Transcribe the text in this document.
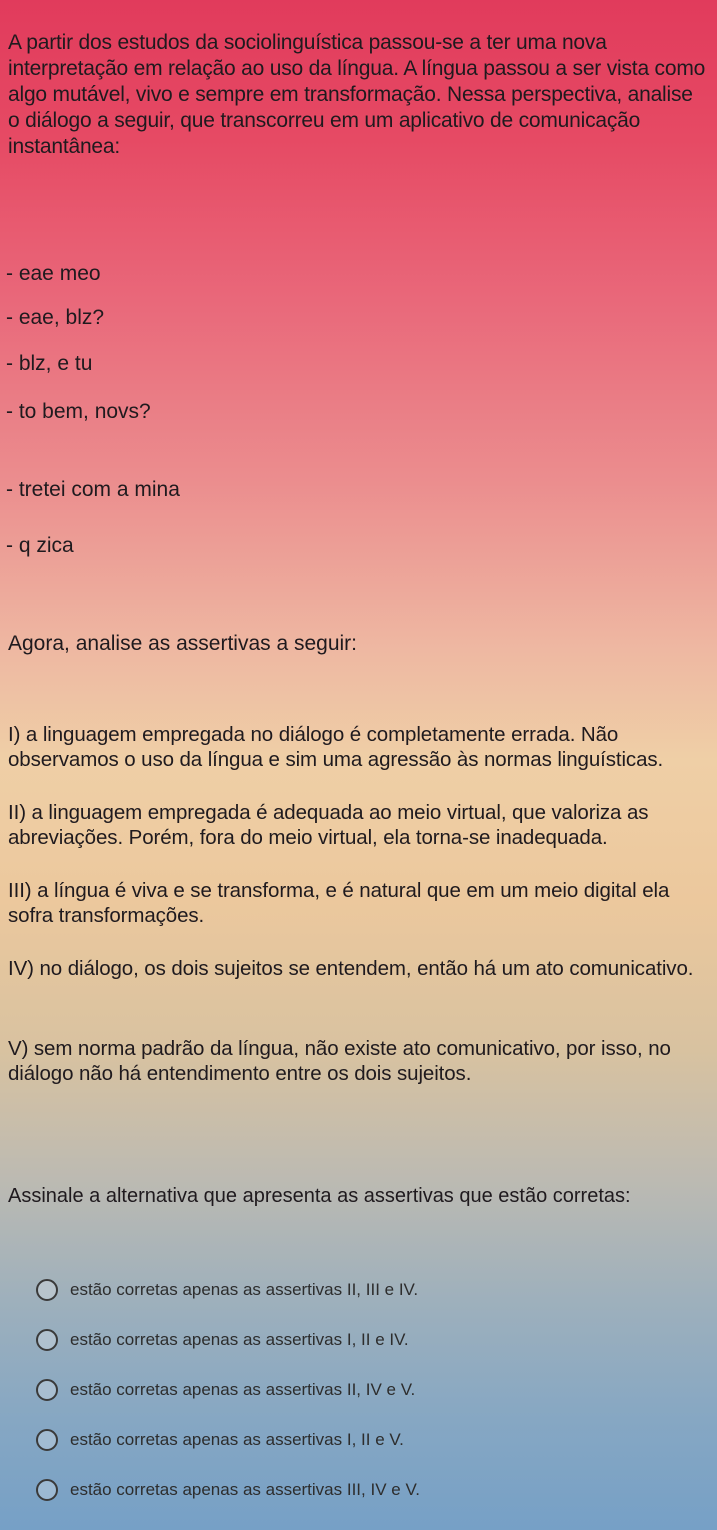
A partir dos estudos da sociolinguística passou-se a ter uma nova interpretação em relação ao uso da língua. A língua passou a ser vista como algo mutável, vivo e sempre em transformação. Nessa perspectiva, analise o diálogo a seguir, que transcorreu em um aplicativo de comunicação instantânea:

- eae meo
- eae, blz?
- blz, e tu
- to bem, novs?
- tretei com a mina
- q zica
Agora, analise as assertivas a seguir:
I) a linguagem empregada no diálogo é completamente errada. Não observamos o uso da língua e sim uma agressão às normas linguísticas.
II) a linguagem empregada é adequada ao meio virtual, que valoriza as abreviações. Porém, fora do meio virtual, ela torna-se inadequada.
III) a língua é viva e se transforma, e é natural que em um meio digital ela sofra transformações.
IV) no diálogo, os dois sujeitos se entendem, então há um ato comunicativo.
V) sem norma padrão da língua, não existe ato comunicativo, por isso, no diálogo não há entendimento entre os dois sujeitos.
Assinale a alternativa que apresenta as assertivas que estão corretas:
estão corretas apenas as assertivas II, III e IV.
estão corretas apenas as assertivas I, II e IV.
estão corretas apenas as assertivas II, IV e V.
estão corretas apenas as assertivas I, II e V.
estão corretas apenas as assertivas III, IV e V.
